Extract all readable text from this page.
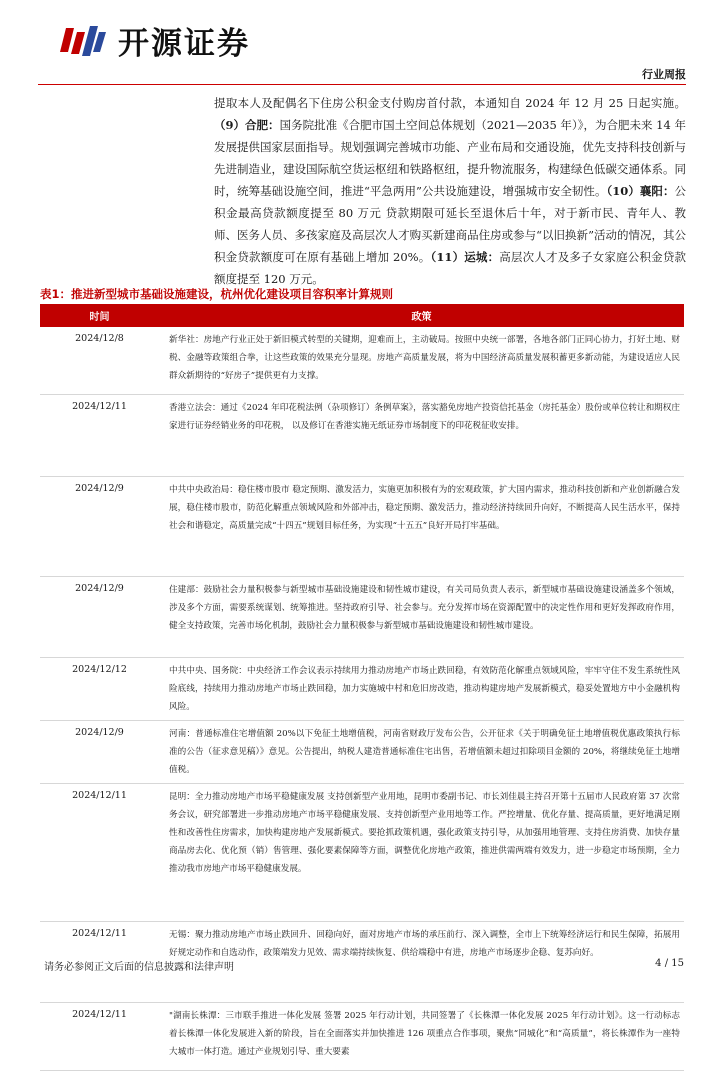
开源证券
行业周报
提取本人及配偶名下住房公积金支付购房首付款，本通知自 2024 年 12 月 25 日起实施。（9）合肥：国务院批准《合肥市国土空间总体规划（2021—2035 年）》，为合肥未来 14 年发展提供国家层面指导。规划强调完善城市功能、产业布局和交通设施，优先支持科技创新与先进制造业，建设国际航空货运枢纽和铁路枢纽，提升物流服务，构建绿色低碳交通体系。同时，统筹基础设施空间，推进“平急两用”公共设施建设，增强城市安全韧性。（10）襄阳：公积金最高贷款额度提至 80 万元 贷款期限可延长至退休后十年，对于新市民、青年人、教师、医务人员、多孩家庭及高层次人才购买新建商品住房或参与“以旧换新”活动的情况，其公积金贷款额度可在原有基础上增加 20%。（11）运城：高层次人才及多子女家庭公积金贷款额度提至 120 万元。
表1：推进新型城市基础设施建设，杭州优化建设项目容积率计算规则
时间	政策
2024/12/8	新华社：房地产行业正处于新旧模式转型的关键期，迎难而上，主动破局。按照中央统一部署，各地各部门正同心协力，打好土地、财税、金融等政策组合拳，让这些政策的效果充分显现。房地产高质量发展，将为中国经济高质量发展积蓄更多新动能，为建设适应人民群众新期待的“好房子”提供更有力支撑。
2024/12/11	香港立法会：通过《2024 年印花税法例（杂项修订）条例草案》，落实豁免房地产投资信托基金（房托基金）股份或单位转让和期权庄家进行证券经销业务的印花税， 以及修订在香港实施无纸证券市场制度下的印花税征收安排。
2024/12/9	中共中央政治局：稳住楼市股市 稳定预期、激发活力，实施更加积极有为的宏观政策，扩大国内需求，推动科技创新和产业创新融合发展，稳住楼市股市，防范化解重点领域风险和外部冲击，稳定预期、激发活力，推动经济持续回升向好，不断提高人民生活水平，保持社会和谐稳定，高质量完成“十四五”规划目标任务，为实现“十五五”良好开局打牢基础。
2024/12/9	住建部：鼓励社会力量积极参与新型城市基础设施建设和韧性城市建设，有关司局负责人表示，新型城市基础设施建设涵盖多个领域，涉及多个方面，需要系统谋划、统筹推进。坚持政府引导、社会参与。充分发挥市场在资源配置中的决定性作用和更好发挥政府作用，健全支持政策，完善市场化机制，鼓励社会力量积极参与新型城市基础设施建设和韧性城市建设。
2024/12/12	中共中央、国务院：中央经济工作会议表示持续用力推动房地产市场止跌回稳，有效防范化解重点领域风险，牢牢守住不发生系统性风险底线，持续用力推动房地产市场止跌回稳，加力实施城中村和危旧房改造，推动构建房地产发展新模式，稳妥处置地方中小金融机构风险。
2024/12/9	河南：普通标准住宅增值额 20%以下免征土地增值税，河南省财政厅发布公告，公开征求《关于明确免征土地增值税优惠政策执行标准的公告（征求意见稿）》意见。公告提出，纳税人建造普通标准住宅出售，若增值额未超过扣除项目金额的 20%，将继续免征土地增值税。
2024/12/11	昆明：全力推动房地产市场平稳健康发展 支持创新型产业用地，昆明市委副书记、市长刘佳晨主持召开第十五届市人民政府第 37 次常务会议，研究部署进一步推动房地产市场平稳健康发展、支持创新型产业用地等工作。严控增量、优化存量、提高质量，更好地满足刚性和改善性住房需求，加快构建房地产发展新模式。要抢抓政策机遇，强化政策支持引导，从加强用地管理、支持住房消费、加快存量商品房去化、优化预（销）售管理、强化要素保障等方面，调整优化房地产政策，推进供需两端有效发力，进一步稳定市场预期，全力推动我市房地产市场平稳健康发展。
2024/12/11	无锡：聚力推动房地产市场止跌回升、回稳向好，面对房地产市场的承压前行、深入调整，全市上下统筹经济运行和民生保障，拓展用好规定动作和自选动作，政策端发力见效、需求端持续恢复、供给端稳中有进，房地产市场逐步企稳、复苏向好。
2024/12/11	"湖南长株潭：三市联手推进一体化发展 签署 2025 年行动计划，共同签署了《长株潭一体化发展 2025 年行动计划》。这一行动标志着长株潭一体化发展进入新的阶段，旨在全面落实并加快推进 126 项重点合作事项，聚焦“同城化”和“高质量”，将长株潭作为一座特大城市一体打造。通过产业规划引导、重大要素
请务必参阅正文后面的信息披露和法律声明	4 / 15
